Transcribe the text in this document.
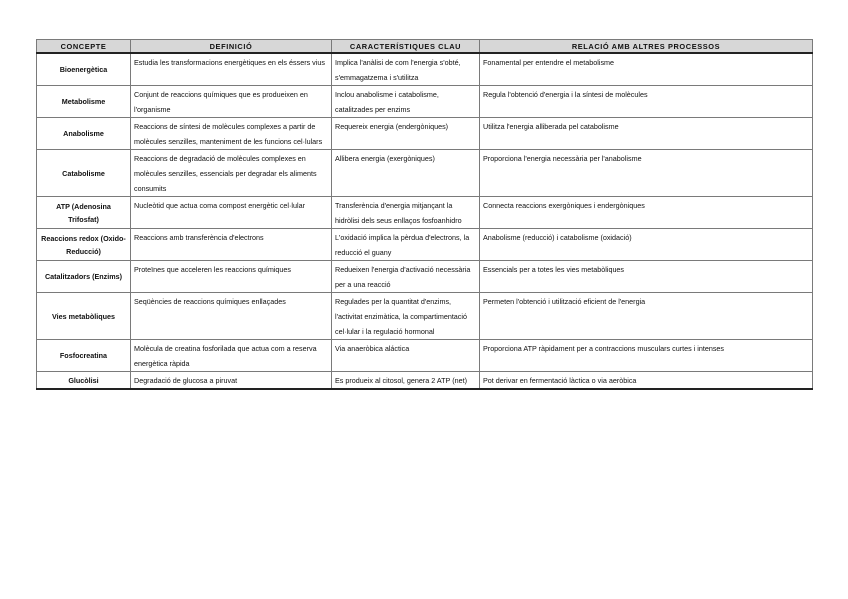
CONCEPTE	DEFINICIÓ	CARACTERÍSTIQUES CLAU	RELACIÓ AMB ALTRES PROCESSOS
Bioenergètica	Estudia les transformacions energètiques en els éssers vius	Implica l'anàlisi de com l'energia s'obté, s'emmagatzema i s'utilitza	Fonamental per entendre el metabolisme
Metabolisme	Conjunt de reaccions químiques que es produeixen en l'organisme	Inclou anabolisme i catabolisme, catalitzades per enzims	Regula l'obtenció d'energia i la síntesi de molècules
Anabolisme	Reaccions de síntesi de molècules complexes a partir de molècules senzilles, manteniment de les funcions cel·lulars	Requereix energia (endergòniques)	Utilitza l'energia alliberada pel catabolisme
Catabolisme	Reaccions de degradació de molècules complexes en molècules senzilles, essencials per degradar els aliments consumits	Allibera energia (exergòniques)	Proporciona l'energia necessària per l'anabolisme
ATP (Adenosina Trifosfat)	Nucleòtid que actua coma compost energètic cel·lular	Transferència d'energia mitjançant la hidròlisi dels seus enllaços fosfoanhidro	Connecta reaccions exergòniques i endergòniques
Reaccions redox (Oxido-Reducció)	Reaccions amb transferència d'electrons	L'oxidació implica la pèrdua d'electrons, la reducció el guany	Anabolisme (reducció) i catabolisme (oxidació)
Catalitzadors (Enzims)	Proteïnes que acceleren les reaccions químiques	Redueixen l'energia d'activació necessària per a una reacció	Essencials per a totes les vies metabòliques
Vies metabòliques	Seqüències de reaccions químiques enllaçades	Regulades per la quantitat d'enzims, l'activitat enzimàtica, la compartimentació cel·lular i la regulació hormonal	Permeten l'obtenció i utilització eficient de l'energia
Fosfocreatina	Molècula de creatina fosforilada que actua com a reserva energètica ràpida	Via anaeròbica aláctica	Proporciona ATP ràpidament per a contraccions musculars curtes i intenses
Glucòlisi	Degradació de glucosa a piruvat	Es produeix al citosol, genera 2 ATP (net)	Pot derivar en fermentació làctica o via aeròbica
